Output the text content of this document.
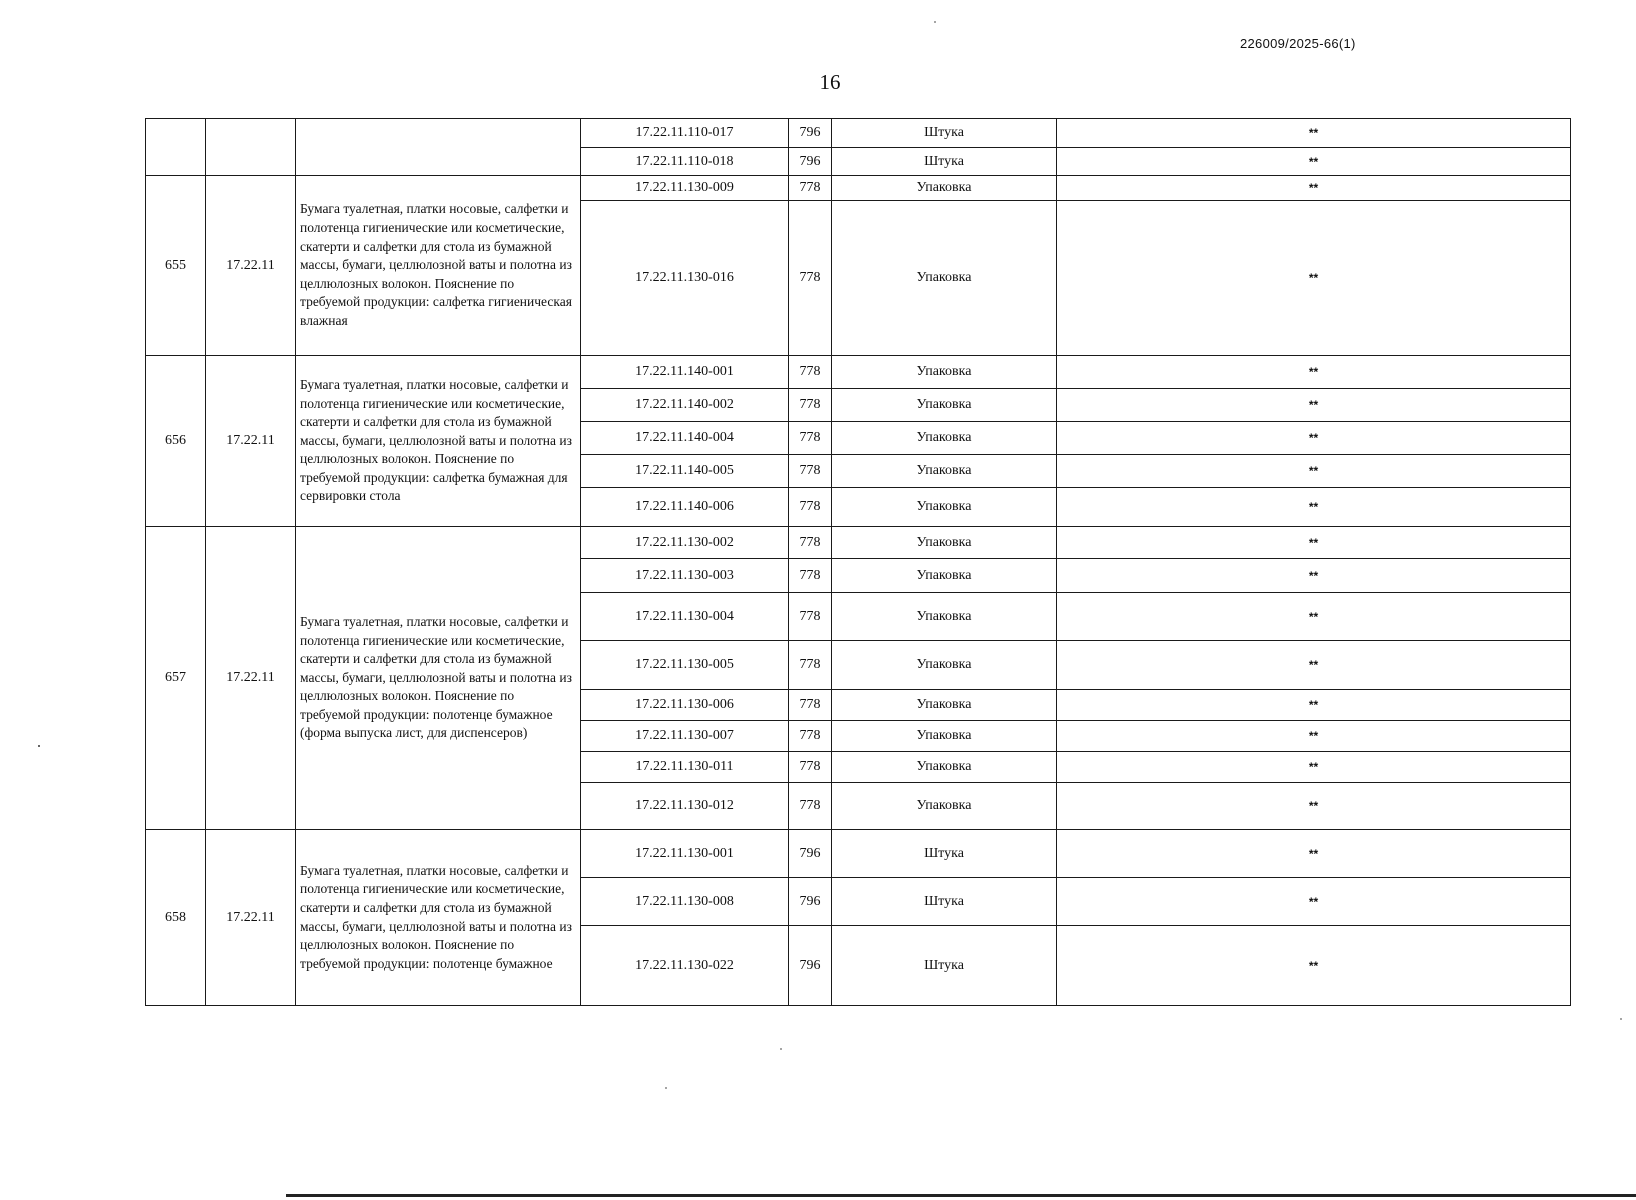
226009/2025-66(1)
16
			17.22.11.110-017	796	Штука	**
			17.22.11.110-018	796	Штука	**
655	17.22.11	Бумага туалетная, платки носовые, салфетки и полотенца гигиенические или косметические, скатерти и салфетки для стола из бумажной массы, бумаги, целлюлозной ваты и полотна из целлюлозных волокон. Пояснение по требуемой продукции: салфетка гигиеническая влажная	17.22.11.130-009	778	Упаковка	**
			17.22.11.130-016	778	Упаковка	**
656	17.22.11	Бумага туалетная, платки носовые, салфетки и полотенца гигиенические или косметические, скатерти и салфетки для стола из бумажной массы, бумаги, целлюлозной ваты и полотна из целлюлозных волокон. Пояснение по требуемой продукции: салфетка бумажная для сервировки стола	17.22.11.140-001	778	Упаковка	**
			17.22.11.140-002	778	Упаковка	**
			17.22.11.140-004	778	Упаковка	**
			17.22.11.140-005	778	Упаковка	**
			17.22.11.140-006	778	Упаковка	**
657	17.22.11	Бумага туалетная, платки носовые, салфетки и полотенца гигиенические или косметические, скатерти и салфетки для стола из бумажной массы, бумаги, целлюлозной ваты и полотна из целлюлозных волокон. Пояснение по требуемой продукции: полотенце бумажное (форма выпуска лист, для диспенсеров)	17.22.11.130-002	778	Упаковка	**
			17.22.11.130-003	778	Упаковка	**
			17.22.11.130-004	778	Упаковка	**
			17.22.11.130-005	778	Упаковка	**
			17.22.11.130-006	778	Упаковка	**
			17.22.11.130-007	778	Упаковка	**
			17.22.11.130-011	778	Упаковка	**
			17.22.11.130-012	778	Упаковка	**
658	17.22.11	Бумага туалетная, платки носовые, салфетки и полотенца гигиенические или косметические, скатерти и салфетки для стола из бумажной массы, бумаги, целлюлозной ваты и полотна из целлюлозных волокон. Пояснение по требуемой продукции: полотенце бумажное	17.22.11.130-001	796	Штука	**
			17.22.11.130-008	796	Штука	**
			17.22.11.130-022	796	Штука	**
